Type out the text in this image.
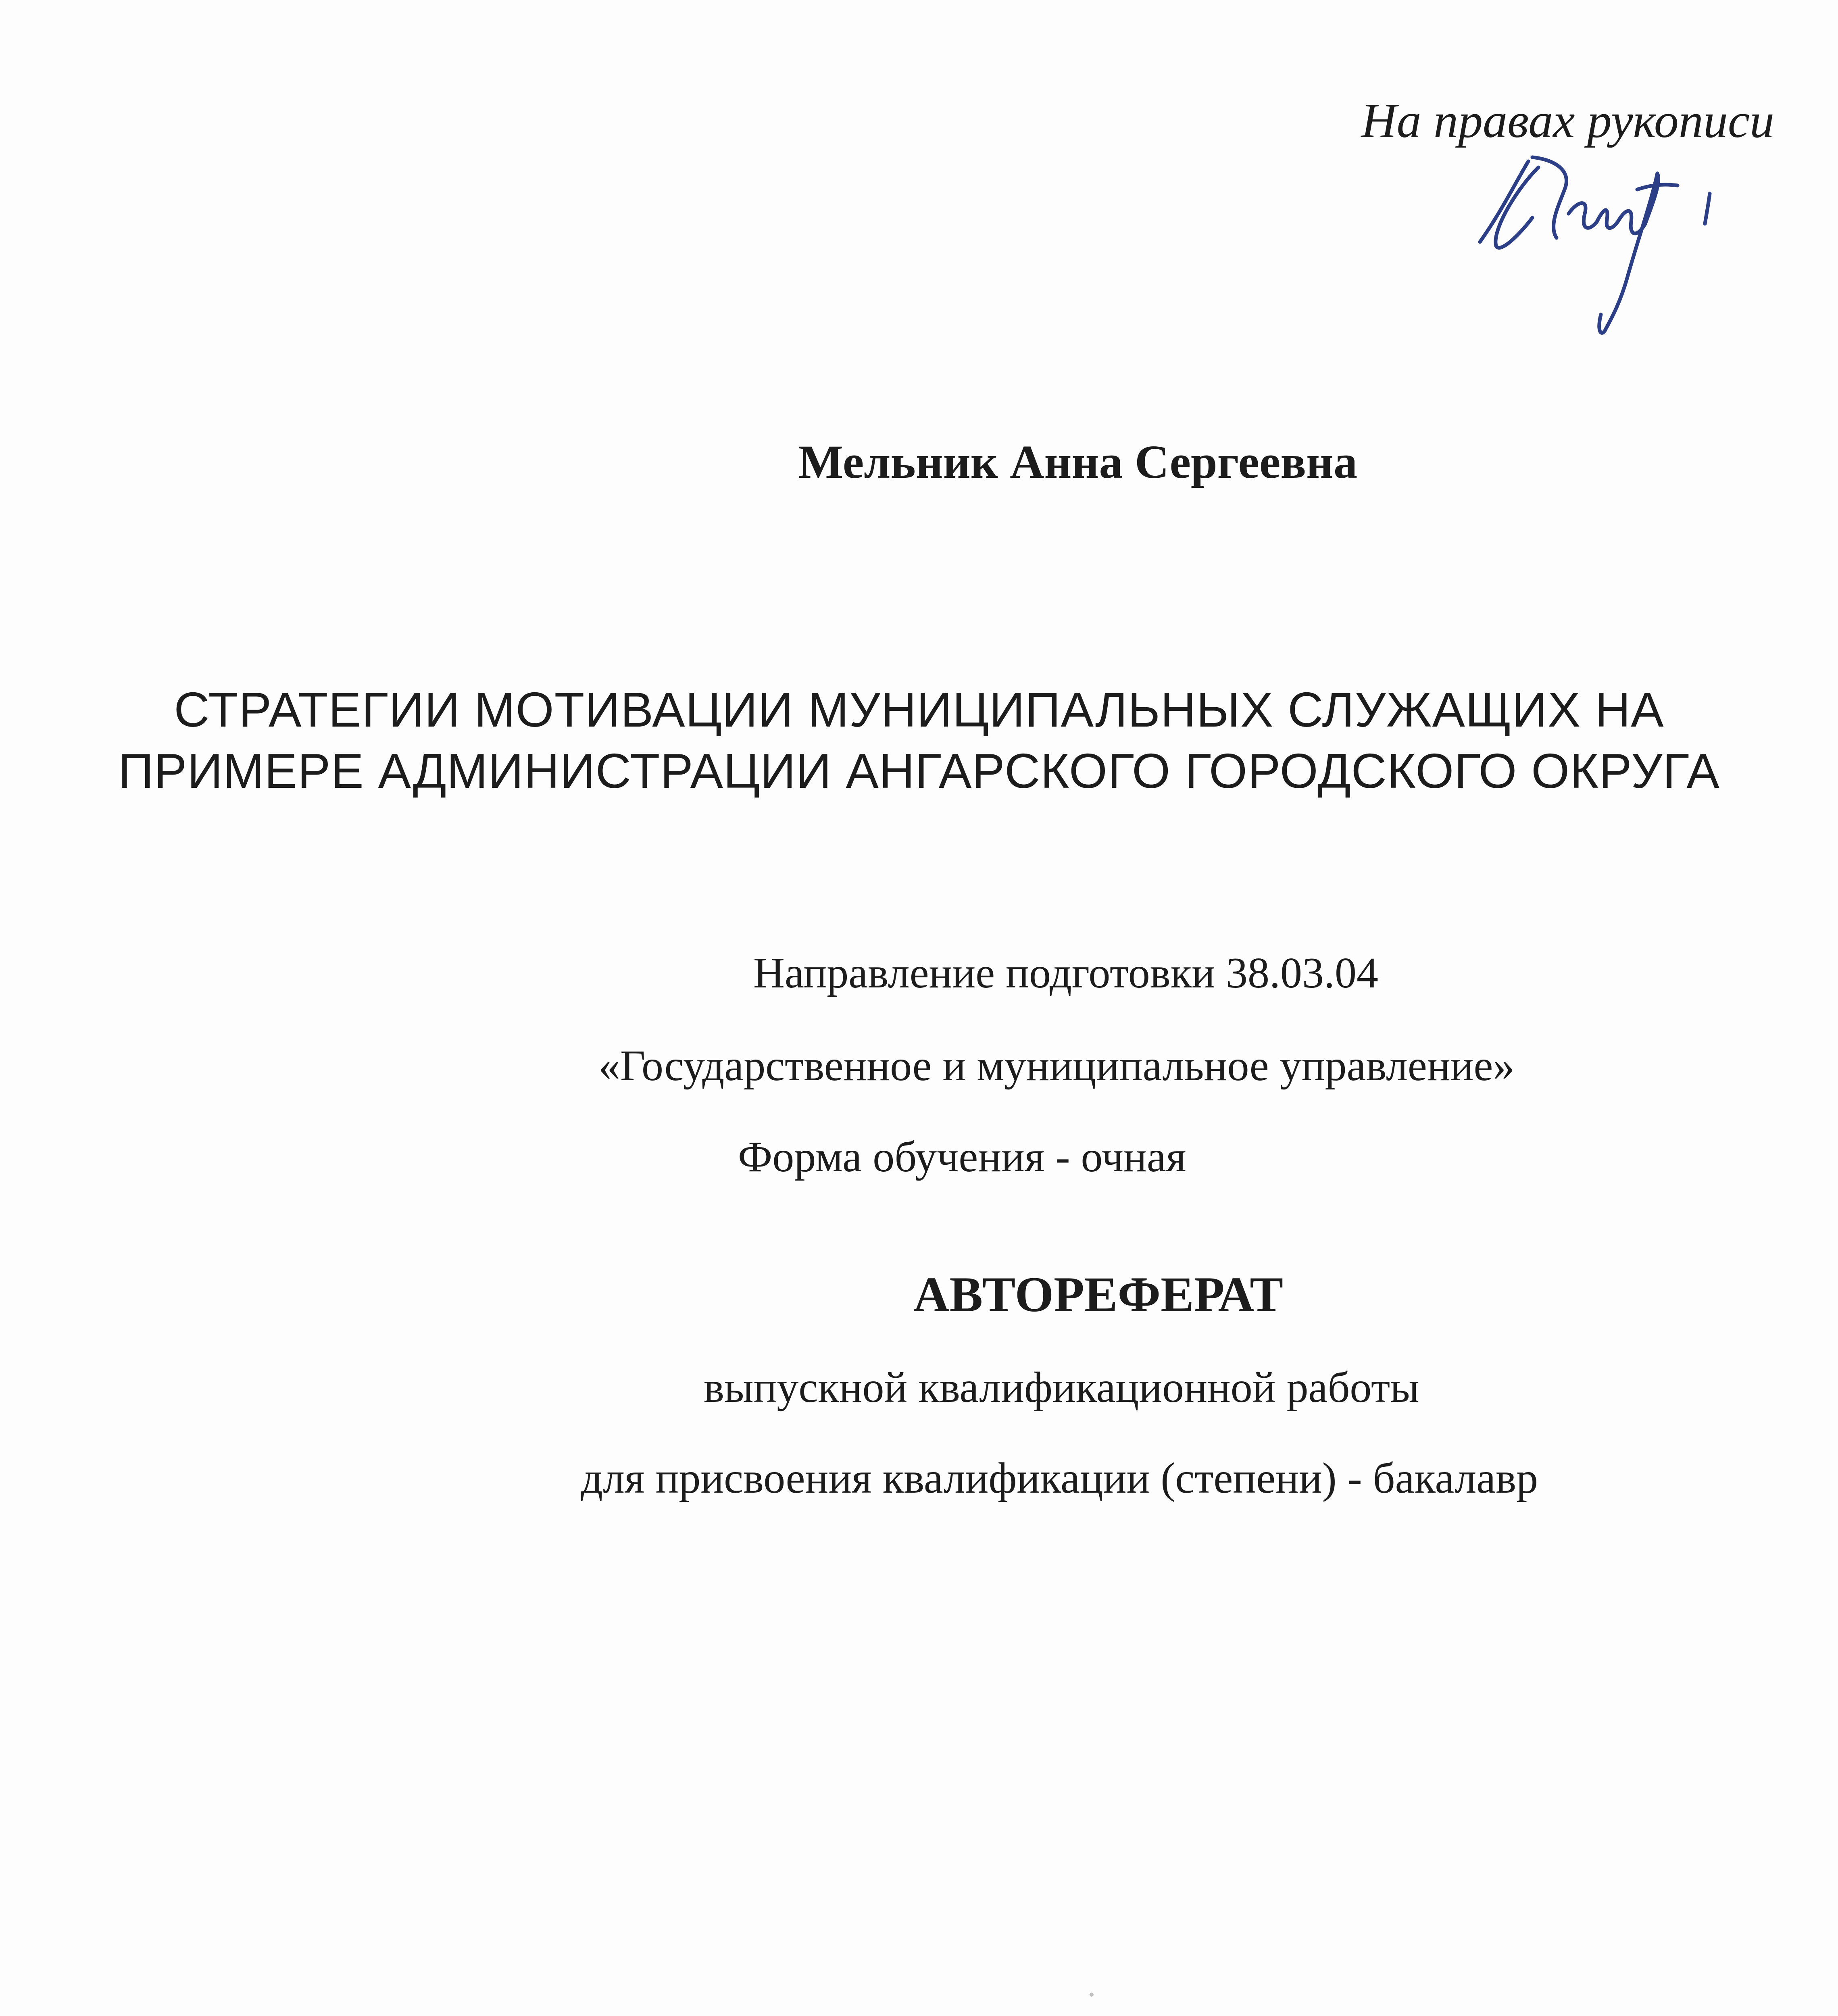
На правах рукописи
Мельник Анна Сергеевна
СТРАТЕГИИ МОТИВАЦИИ МУНИЦИПАЛЬНЫХ СЛУЖАЩИХ НА
ПРИМЕРЕ АДМИНИСТРАЦИИ АНГАРСКОГО ГОРОДСКОГО ОКРУГА
Направление подготовки 38.03.04
«Государственное и муниципальное управление»
Форма обучения - очная
АВТОРЕФЕРАТ
выпускной квалификационной работы
для присвоения квалификации (степени) - бакалавр
